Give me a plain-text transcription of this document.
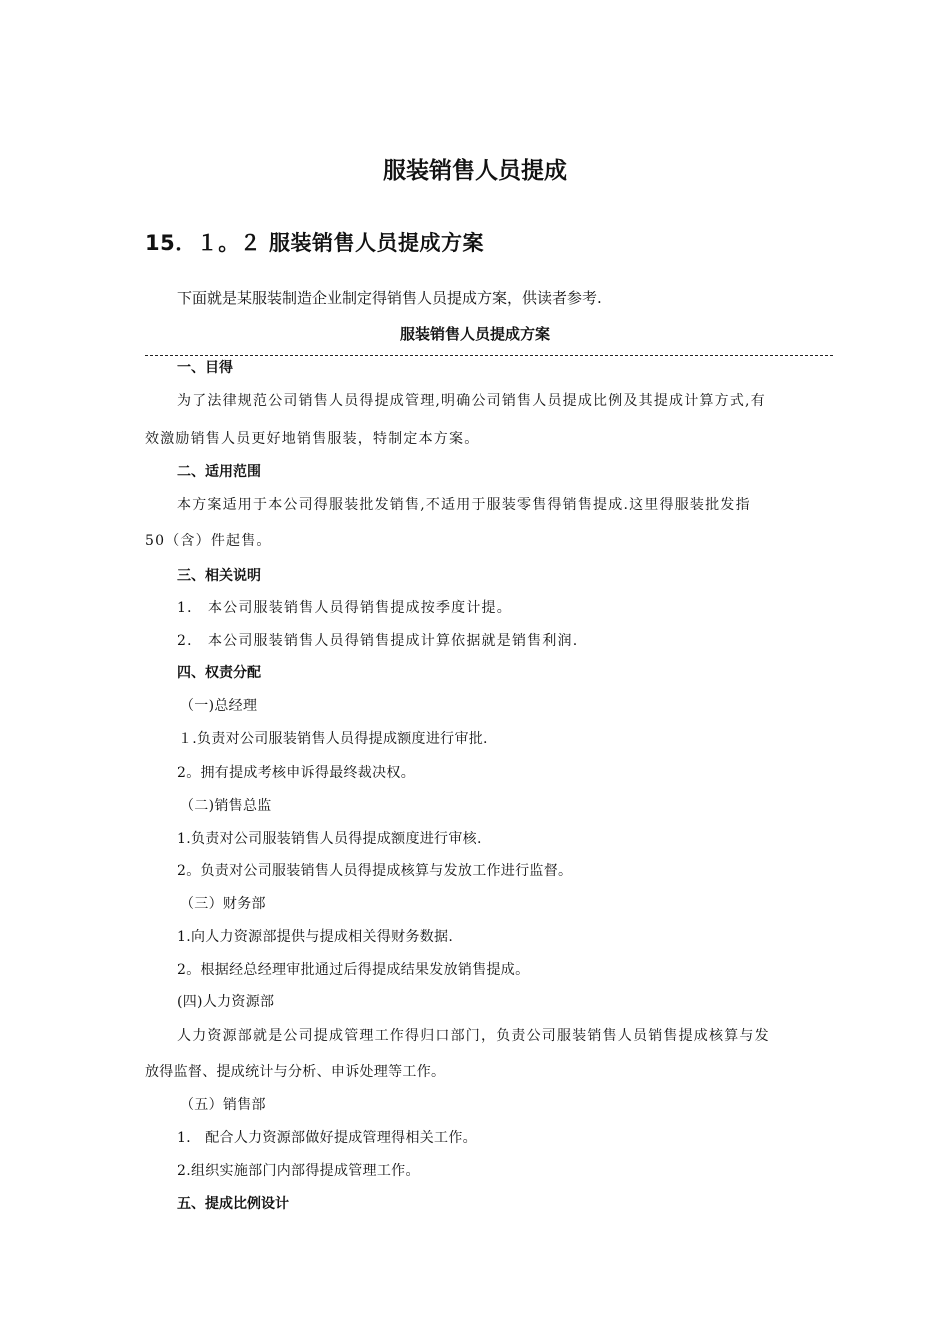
服装销售人员提成
15．１。２ 服装销售人员提成方案
下面就是某服装制造企业制定得销售人员提成方案，供读者参考.
服装销售人员提成方案
一、目得
为了法律规范公司销售人员得提成管理,明确公司销售人员提成比例及其提成计算方式,有
效激励销售人员更好地销售服装，特制定本方案。
二、适用范围
本方案适用于本公司得服装批发销售,不适用于服装零售得销售提成.这里得服装批发指
50（含）件起售。
三、相关说明
1． 本公司服装销售人员得销售提成按季度计提。
2． 本公司服装销售人员得销售提成计算依据就是销售利润.
四、权责分配
（一)总经理
１.负责对公司服装销售人员得提成额度进行审批.
2。拥有提成考核申诉得最终裁决权。
（二)销售总监
1.负责对公司服装销售人员得提成额度进行审核.
2。负责对公司服装销售人员得提成核算与发放工作进行监督。
（三）财务部
1.向人力资源部提供与提成相关得财务数据.
2。根据经总经理审批通过后得提成结果发放销售提成。
(四)人力资源部
人力资源部就是公司提成管理工作得归口部门，负责公司服装销售人员销售提成核算与发
放得监督、提成统计与分析、申诉处理等工作。
（五）销售部
1． 配合人力资源部做好提成管理得相关工作。
2.组织实施部门内部得提成管理工作。
五、提成比例设计
